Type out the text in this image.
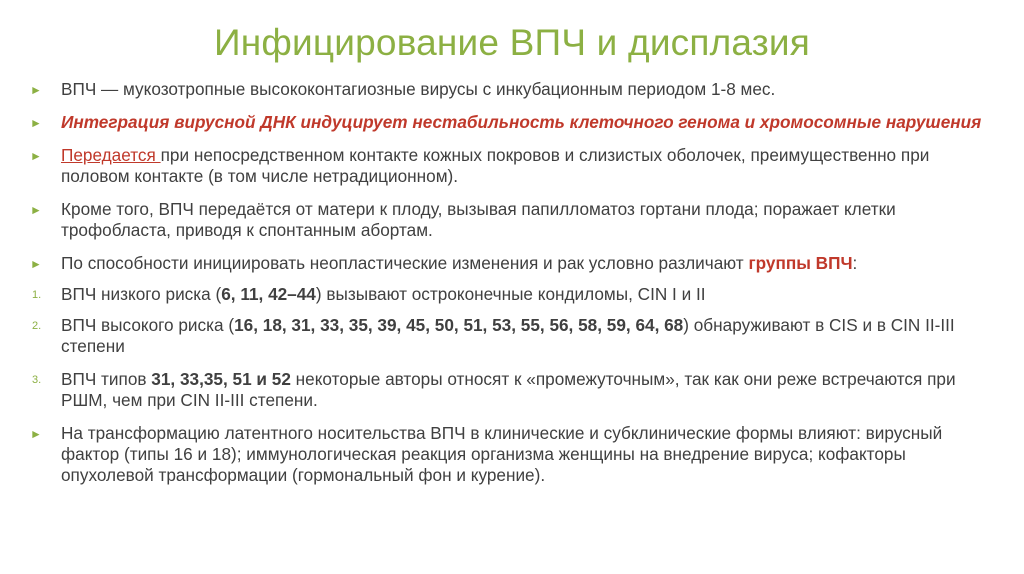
Инфицирование ВПЧ и дисплазия
►	ВПЧ — мукозотропные высококонтагиозные вирусы с инкубационным периодом 1-8 мес.
►	Интеграция вирусной ДНК индуцирует нестабильность клеточного генома и хромосомные нарушения
►	Передается при непосредственном контакте кожных покровов и слизистых оболочек, преимущественно при половом контакте (в том числе нетрадиционном).
►	Кроме того, ВПЧ передаётся от матери к плоду, вызывая папилломатоз гортани плода; поражает клетки трофобласта, приводя к спонтанным абортам.
►	По способности инициировать неопластические изменения и рак условно различают группы ВПЧ:
1.	ВПЧ низкого риска (6, 11, 42–44) вызывают остроконечные кондиломы, CIN I и II
2.	ВПЧ высокого риска (16, 18, 31, 33, 35, 39, 45, 50, 51, 53, 55, 56, 58, 59, 64, 68) обнаруживают в CIS и в CIN II-III степени
3.	ВПЧ типов 31, 33,35, 51 и 52 некоторые авторы относят к «промежуточным», так как они реже встречаются при РШМ, чем при CIN II-III степени.
►	На трансформацию латентного носительства ВПЧ в клинические и субклинические формы влияют: вирусный фактор (типы 16 и 18); иммунологическая реакция организма женщины на внедрение вируса; кофакторы опухолевой трансформации (гормональный фон и курение).
